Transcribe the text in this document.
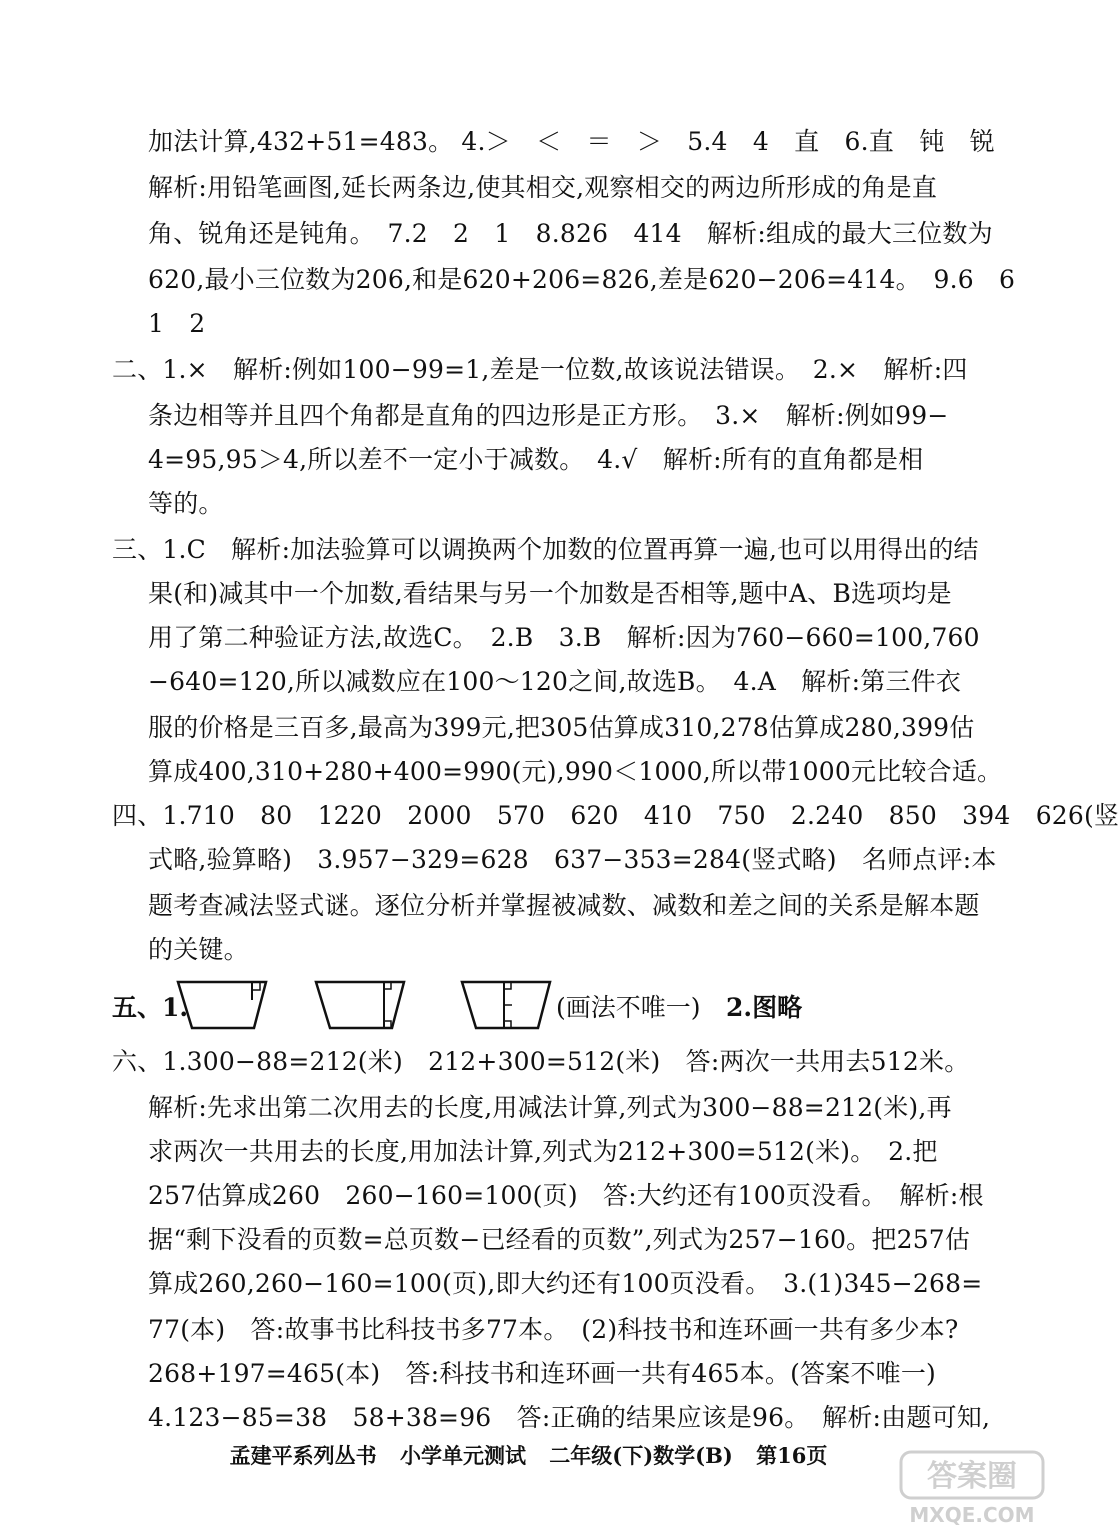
加法计算,432+51=483。 4.＞　＜　＝　＞　5.4　4　直　6.直　钝　锐
解析:用铅笔画图,延长两条边,使其相交,观察相交的两边所形成的角是直
角、锐角还是钝角。　7.2　2　1　8.826　414　解析:组成的最大三位数为
620,最小三位数为206,和是620+206=826,差是620−206=414。　9.6　6
1　2
二、1.×　解析:例如100−99=1,差是一位数,故该说法错误。　2.×　解析:四
条边相等并且四个角都是直角的四边形是正方形。　3.×　解析:例如99−
4=95,95＞4,所以差不一定小于减数。　4.√　解析:所有的直角都是相
等的。
三、1.C　解析:加法验算可以调换两个加数的位置再算一遍,也可以用得出的结
果(和)减其中一个加数,看结果与另一个加数是否相等,题中A、B选项均是
用了第二种验证方法,故选C。　2.B　3.B　解析:因为760−660=100,760
−640=120,所以减数应在100～120之间,故选B。　4.A　解析:第三件衣
服的价格是三百多,最高为399元,把305估算成310,278估算成280,399估
算成400,310+280+400=990(元),990＜1000,所以带1000元比较合适。
四、1.710　80　1220　2000　570　620　410　750　2.240　850　394　626(竖
式略,验算略)　3.957−329=628　637−353=284(竖式略)　名师点评:本
题考查减法竖式谜。逐位分析并掌握被减数、减数和差之间的关系是解本题
的关键。
五、1.	(画法不唯一) 2.图略
六、1.300−88=212(米)　212+300=512(米)　答:两次一共用去512米。
解析:先求出第二次用去的长度,用减法计算,列式为300−88=212(米),再
求两次一共用去的长度,用加法计算,列式为212+300=512(米)。　2.把
257估算成260　260−160=100(页)　答:大约还有100页没看。　解析:根
据“剩下没看的页数=总页数−已经看的页数”,列式为257−160。把257估
算成260,260−160=100(页),即大约还有100页没看。　3.(1)345−268=
77(本)　答:故事书比科技书多77本。　(2)科技书和连环画一共有多少本?
268+197=465(本)　答:科技书和连环画一共有465本。(答案不唯一)
4.123−85=38　58+38=96　答:正确的结果应该是96。　解析:由题可知,
孟建平系列丛书 小学单元测试 二年级(下)数学(B) 第16页
答案圈
MXQE.COM
